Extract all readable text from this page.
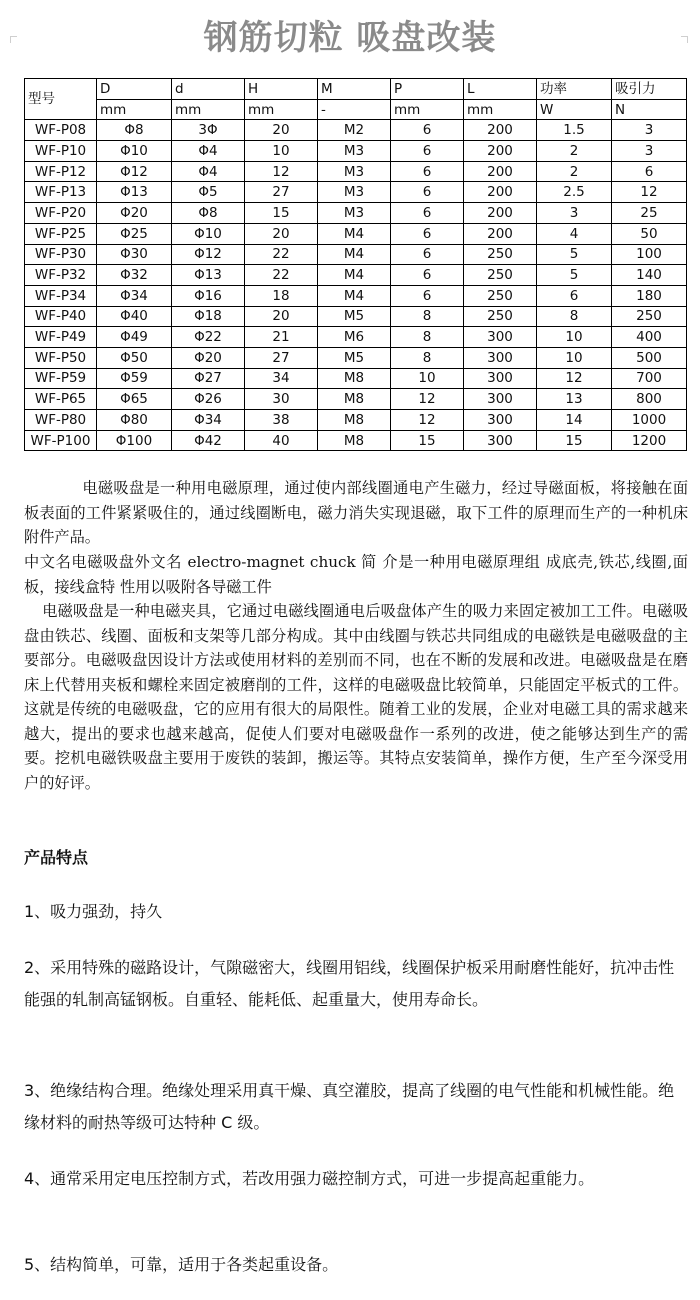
钢筋切粒 吸盘改装
型号	D	d	H	M	P	L	功率	吸引力
	mm	mm	mm	-	mm	mm	W	N
WF-P08	Φ8	3Φ	20	M2	6	200	1.5	3
WF-P10	Φ10	Φ4	10	M3	6	200	2	3
WF-P12	Φ12	Φ4	12	M3	6	200	2	6
WF-P13	Φ13	Φ5	27	M3	6	200	2.5	12
WF-P20	Φ20	Φ8	15	M3	6	200	3	25
WF-P25	Φ25	Φ10	20	M4	6	200	4	50
WF-P30	Φ30	Φ12	22	M4	6	250	5	100
WF-P32	Φ32	Φ13	22	M4	6	250	5	140
WF-P34	Φ34	Φ16	18	M4	6	250	6	180
WF-P40	Φ40	Φ18	20	M5	8	250	8	250
WF-P49	Φ49	Φ22	21	M6	8	300	10	400
WF-P50	Φ50	Φ20	27	M5	8	300	10	500
WF-P59	Φ59	Φ27	34	M8	10	300	12	700
WF-P65	Φ65	Φ26	30	M8	12	300	13	800
WF-P80	Φ80	Φ34	38	M8	12	300	14	1000
WF-P100	Φ100	Φ42	40	M8	15	300	15	1200
电磁吸盘是一种用电磁原理，通过使内部线圈通电产生磁力，经过导磁面板，将接触在面板表面的工件紧紧吸住的，通过线圈断电，磁力消失实现退磁，取下工件的原理而生产的一种机床附件产品。
中文名电磁吸盘外文名 electro-magnet chuck 简 介是一种用电磁原理组 成底壳,铁芯,线圈,面板，接线盒特 性用以吸附各导磁工件
电磁吸盘是一种电磁夹具，它通过电磁线圈通电后吸盘体产生的吸力来固定被加工工件。电磁吸盘由铁芯、线圈、面板和支架等几部分构成。其中由线圈与铁芯共同组成的电磁铁是电磁吸盘的主要部分。电磁吸盘因设计方法或使用材料的差别而不同，也在不断的发展和改进。电磁吸盘是在磨床上代替用夹板和螺栓来固定被磨削的工件，这样的电磁吸盘比较简单，只能固定平板式的工件。这就是传统的电磁吸盘，它的应用有很大的局限性。随着工业的发展，企业对电磁工具的需求越来越大，提出的要求也越来越高，促使人们要对电磁吸盘作一系列的改进，使之能够达到生产的需要。挖机电磁铁吸盘主要用于废铁的装卸，搬运等。其特点安装简单，操作方便，生产至今深受用户的好评。
产品特点
1、吸力强劲，持久
2、采用特殊的磁路设计，气隙磁密大，线圈用铝线，线圈保护板采用耐磨性能好，抗冲击性能强的轧制高锰钢板。自重轻、能耗低、起重量大，使用寿命长。
3、绝缘结构合理。绝缘处理采用真干燥、真空灌胶，提高了线圈的电气性能和机械性能。绝缘材料的耐热等级可达特种 C 级。
4、通常采用定电压控制方式，若改用强力磁控制方式，可进一步提高起重能力。
5、结构简单，可靠，适用于各类起重设备。
